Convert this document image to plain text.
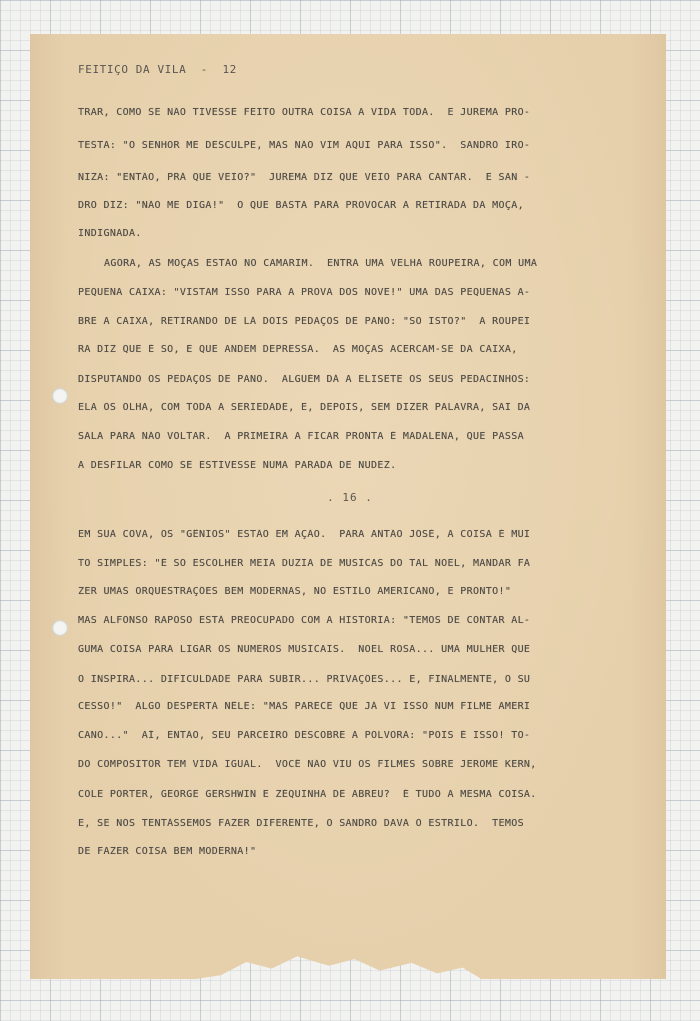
FEITIÇO DA VILA  -  12
TRAR, COMO SE NÃO TIVESSE FEITO OUTRA COISA A VIDA TÔDA.  E JUREMA PRO-
TESTA: "O SENHOR ME DESCULPE, MAS NÃO VIM AQUI PARA ISSO".  SANDRO IRO-
NIZA: "ENTÃO, PRÁ QUE VEIO?"  JUREMA DIZ QUE VEIO PARA CANTAR.  E SAN -
DRO DIZ: "NÃO ME DIGA!"  O QUE BASTA PARA PROVOCAR A RETIRADA DA MOÇA,
INDIGNADA.
AGORA, AS MOÇAS ESTÃO NO CAMARIM.  ENTRA UMA VELHA ROUPEIRA, COM UMA
PEQUENA CAIXA: "VISTAM ISSO PARA A PROVA DOS NOVE!" UMA DAS PEQUENAS A-
BRE A CAIXA, RETIRANDO DE LÁ DOIS PEDAÇOS DE PANO: "SÓ ISTO?"  A ROUPEI
RA DIZ QUE É SÓ, E QUE ANDEM DEPRESSA.  AS MOÇAS ACERCAM-SE DA CAIXA,
DISPUTANDO OS PEDAÇOS DE PANO.  ALGUÉM DÁ A ELISETE OS SEUS PEDACINHOS:
ELA OS OLHA, COM TÔDA A SERIEDADE, E, DEPOIS, SEM DIZER PALAVRA, SAI DA
SALA PARA NÃO VOLTAR.  A PRIMEIRA A FICAR PRONTA É MADALENA, QUE PASSA
A DESFILAR COMO SE ESTIVESSE NUMA PARADA DE NUDEZ.
. 16 .
EM SUA COVA, OS "GÊNIOS" ESTÃO EM AÇÃO.  PARA ANTÃO JOSÉ, A COISA É MUI
TO SIMPLES: "É SÓ ESCOLHER MEIA DÚZIA DE MÚSICAS DO TAL NOEL, MANDAR FA
ZER UMAS ORQUESTRAÇÕES BEM MODERNAS, NO ESTILO AMERICANO, E PRONTO!"
MAS ALFONSO RAPÔSO ESTÁ PREOCUPADO COM A HISTÓRIA: "TEMOS DE CONTAR AL-
GUMA COISA PARA LIGAR OS NÚMEROS MUSICAIS.  NOEL ROSA... UMA MULHER QUE
O INSPIRA... DIFICULDADE PARA SUBIR... PRIVAÇÕES... E, FINALMENTE, O SU
CESSO!"  ALGO DESPERTA NÊLE: "MAS PARECE QUE JÁ VI ISSO NUM FILME AMERI
CANO..."  AÍ, ENTÃO, SEU PARCEIRO DESCOBRE A PÓLVORA: "POIS É ISSO! TO-
DO COMPOSITOR TEM VIDA IGUAL.  VOCÊ NÃO VIU OS FILMES SÔBRE JEROME KERN,
COLE PORTER, GEORGE GERSHWIN E ZÉQUINHA DE ABREU?  É TUDO A MESMA COISA.
E, SE NÓS TENTÁSSEMOS FAZER DIFERENTE, O SANDRO DAVA O ESTRILO.  TEMOS
DE FAZER COISA BEM MODERNA!"
